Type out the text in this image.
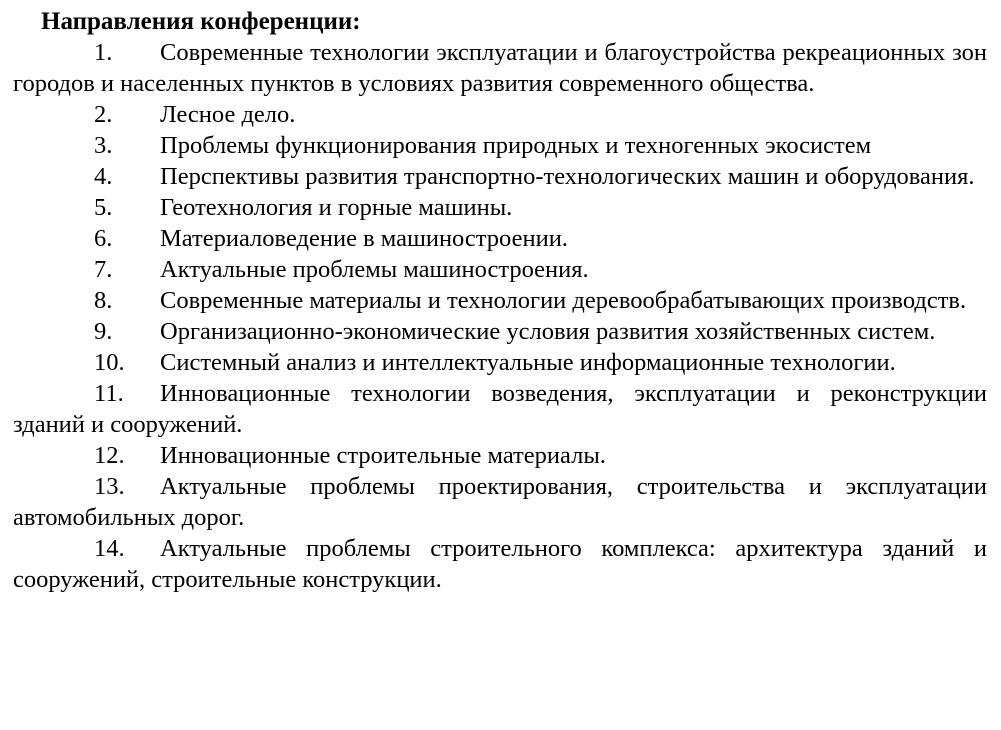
Направления конференции:

1. Современные технологии эксплуатации и благоустройства рекреационных зон городов и населенных пунктов в условиях развития современного общества.

2. Лесное дело.

3. Проблемы функционирования природных и техногенных экосистем

4. Перспективы развития транспортно-технологических машин и оборудования.

5. Геотехнология и горные машины.

6. Материаловедение в машиностроении.

7. Актуальные проблемы машиностроения.

8. Современные материалы и технологии деревообрабатывающих производств.

9. Организационно-экономические условия развития хозяйственных систем.

10. Системный анализ и интеллектуальные информационные технологии.

11. Инновационные технологии возведения, эксплуатации и реконструкции зданий и сооружений.

12. Инновационные строительные материалы.

13. Актуальные проблемы проектирования, строительства и эксплуатации автомобильных дорог.

14. Актуальные проблемы строительного комплекса: архитектура зданий и сооружений, строительные конструкции.
